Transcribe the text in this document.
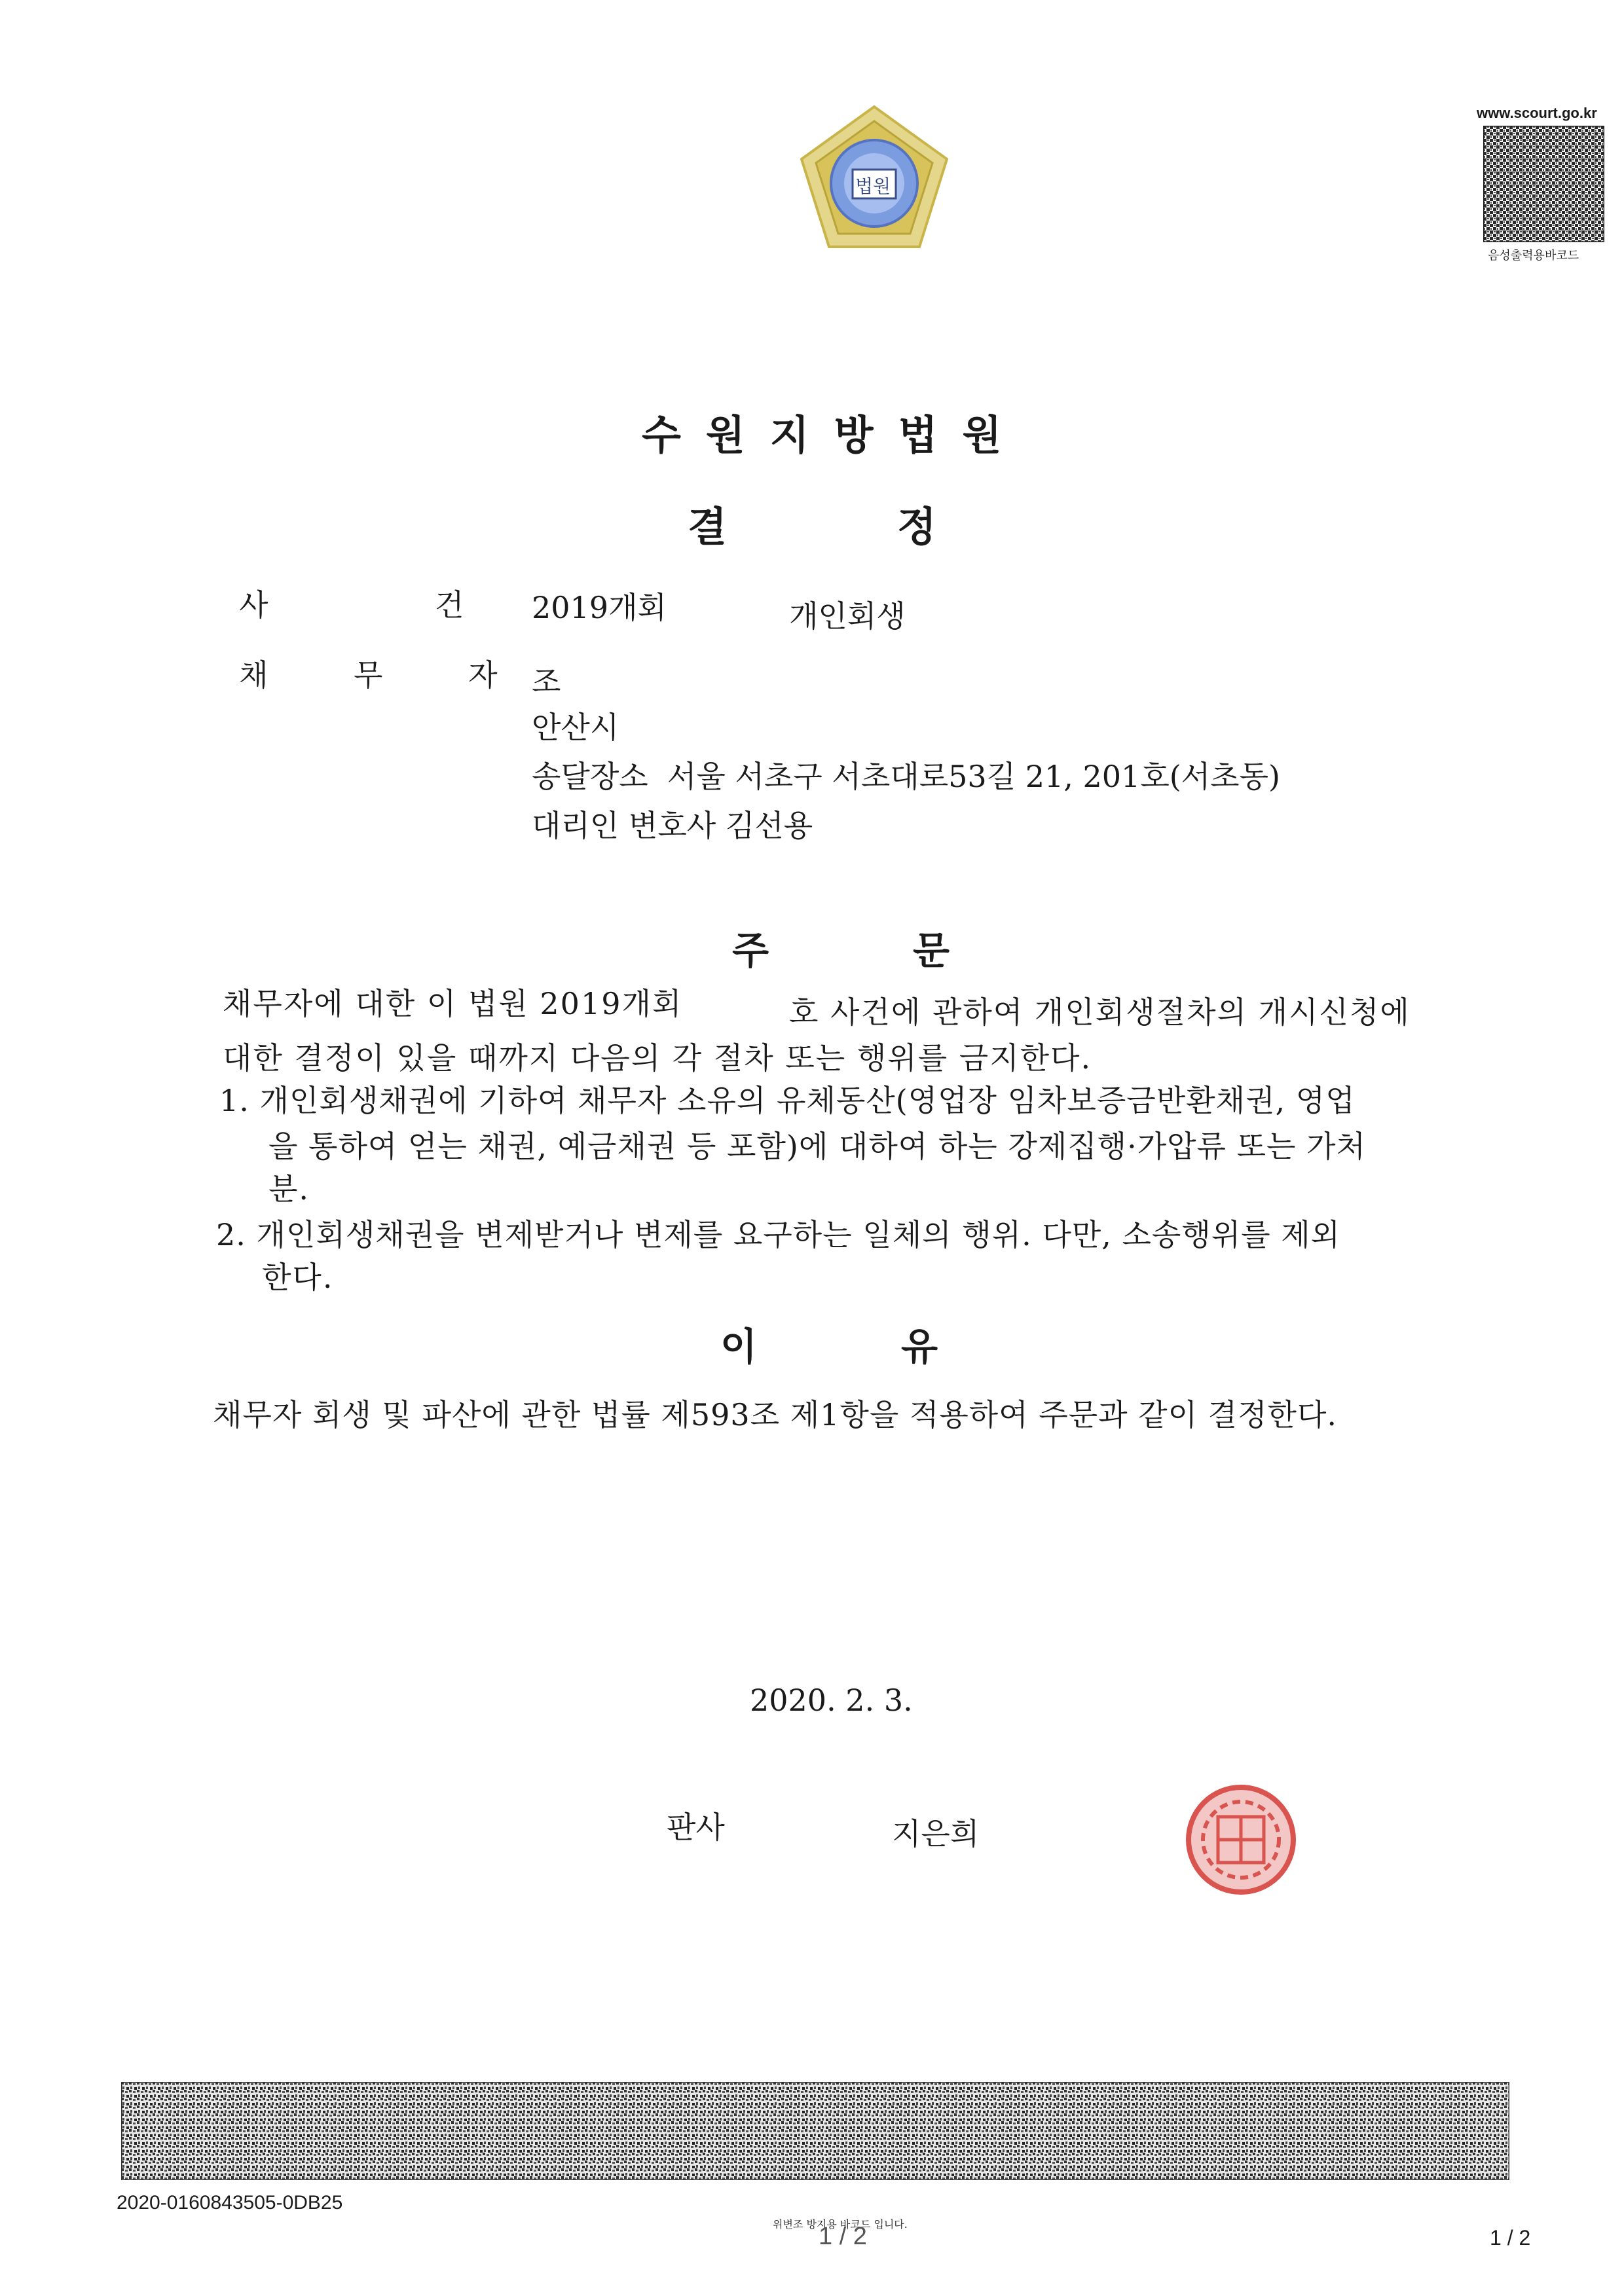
법원
www.scourt.go.kr
음성출력용바코드
수원지방법원
결정
사 건
2019개회	개인회생
채 무 자
조
안산시
송달장소  서울 서초구 서초대로53길 21, 201호(서초동)
대리인 변호사 김선용
주문
채무자에 대한 이 법원 2019개회	호 사건에 관하여 개인회생절차의 개시신청에
대한 결정이 있을 때까지 다음의 각 절차 또는 행위를 금지한다.
1. 개인회생채권에 기하여 채무자 소유의 유체동산(영업장 임차보증금반환채권, 영업
을 통하여 얻는 채권, 예금채권 등 포함)에 대하여 하는 강제집행·가압류 또는 가처
분.
2. 개인회생채권을 변제받거나 변제를 요구하는 일체의 행위. 다만, 소송행위를 제외
한다.
이유
채무자 회생 및 파산에 관한 법률 제593조 제1항을 적용하여 주문과 같이 결정한다.
2020. 2. 3.
판사	지은희
2020-0160843505-0DB25
위변조 방지용 바코드 입니다.
1 / 2	1 / 2
